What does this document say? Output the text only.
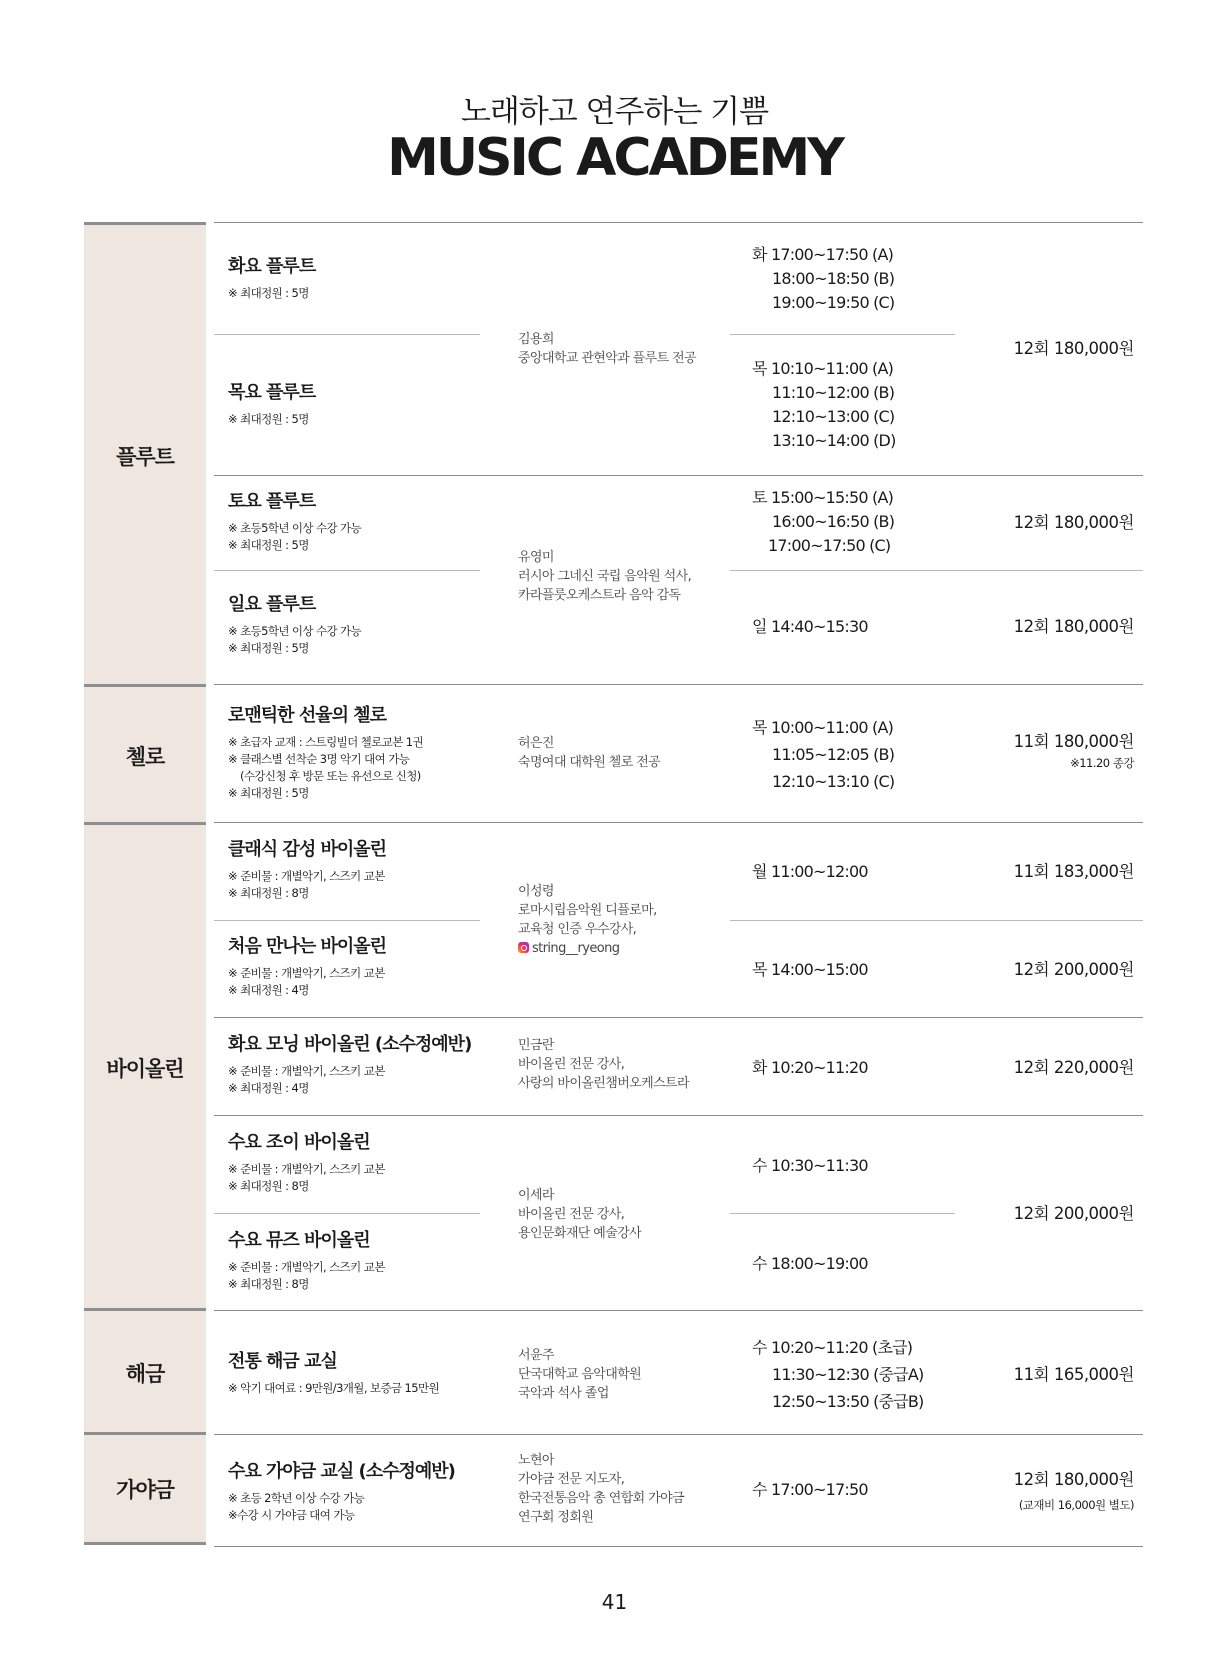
노래하고 연주하는 기쁨
MUSIC ACADEMY
플루트
첼로
바이올린
해금
가야금
화요 플루트
※ 최대정원 : 5명
목요 플루트
※ 최대정원 : 5명
토요 플루트
※ 초등5학년 이상 수강 가능
※ 최대정원 : 5명
일요 플루트
※ 초등5학년 이상 수강 가능
※ 최대정원 : 5명
김용희
중앙대학교 관현악과 플루트 전공
유영미
러시아 그네신 국립 음악원 석사,
카라플룻오케스트라 음악 감독
화 17:00~17:50 (A)
18:00~18:50 (B)
19:00~19:50 (C)
목 10:10~11:00 (A)
11:10~12:00 (B)
12:10~13:00 (C)
13:10~14:00 (D)
토 15:00~15:50 (A)
16:00~16:50 (B)
17:00~17:50 (C)
일 14:40~15:30
12회 180,000원
12회 180,000원
12회 180,000원
로맨틱한 선율의 첼로
※ 초급자 교재 : 스트링빌더 첼로교본 1권
※ 클래스별 선착순 3명 악기 대여 가능
(수강신청 후 방문 또는 유선으로 신청)
※ 최대정원 : 5명
허은진
숙명여대 대학원 첼로 전공
목 10:00~11:00 (A)
11:05~12:05 (B)
12:10~13:10 (C)
11회 180,000원
※11.20 종강
클래식 감성 바이올린
※ 준비물 : 개별악기, 스즈키 교본
※ 최대정원 : 8명
처음 만나는 바이올린
※ 준비물 : 개별악기, 스즈키 교본
※ 최대정원 : 4명
화요 모닝 바이올린 (소수정예반)
※ 준비물 : 개별악기, 스즈키 교본
※ 최대정원 : 4명
수요 조이 바이올린
※ 준비물 : 개별악기, 스즈키 교본
※ 최대정원 : 8명
수요 뮤즈 바이올린
※ 준비물 : 개별악기, 스즈키 교본
※ 최대정원 : 8명
이성령
로마시립음악원 디플로마,
교육청 인증 우수강사,
string__ryeong
민금란
바이올린 전문 강사,
사랑의 바이올린챔버오케스트라
이세라
바이올린 전문 강사,
용인문화재단 예술강사
월 11:00~12:00
목 14:00~15:00
화 10:20~11:20
수 10:30~11:30
수 18:00~19:00
11회 183,000원
12회 200,000원
12회 220,000원
12회 200,000원
전통 해금 교실
※ 악기 대여료 : 9만원/3개월, 보증금 15만원
서윤주
단국대학교 음악대학원
국악과 석사 졸업
수 10:20~11:20 (초급)
11:30~12:30 (중급A)
12:50~13:50 (중급B)
11회 165,000원
수요 가야금 교실 (소수정예반)
※ 초등 2학년 이상 수강 가능
※수강 시 가야금 대여 가능
노현아
가야금 전문 지도자,
한국전통음악 총 연합회 가야금
연구회 정회원
수 17:00~17:50
12회 180,000원
(교재비 16,000원 별도)
41
